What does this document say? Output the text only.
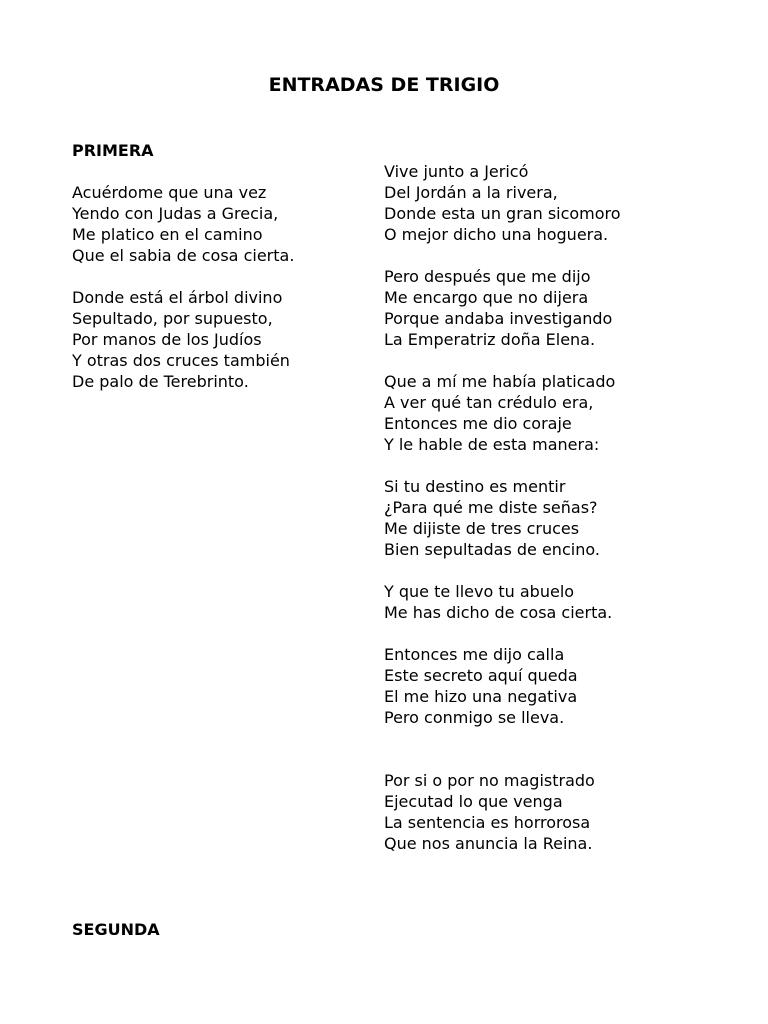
ENTRADAS DE TRIGIO
PRIMERA
Acuérdome que una vez
Yendo con Judas a Grecia,
Me platico en el camino
Que el sabia de cosa cierta.
Donde está el árbol divino
Sepultado, por supuesto,
Por manos de los Judíos
Y otras dos cruces también
De palo de Terebrinto.
Vive junto a Jericó
Del Jordán a la rivera,
Donde esta un gran sicomoro
O mejor dicho una hoguera.
Pero después que me dijo
Me encargo que no dijera
Porque andaba investigando
La Emperatriz doña Elena.
Que a mí me había platicado
A ver qué tan crédulo era,
Entonces me dio coraje
Y le hable de esta manera:
Si tu destino es mentir
¿Para qué me diste señas?
Me dijiste de tres cruces
Bien sepultadas de encino.
Y que te llevo tu abuelo
Me has dicho de cosa cierta.
Entonces me dijo calla
Este secreto aquí queda
El me hizo una negativa
Pero conmigo se lleva.
Por si o por no magistrado
Ejecutad lo que venga
La sentencia es horrorosa
Que nos anuncia la Reina.
SEGUNDA
